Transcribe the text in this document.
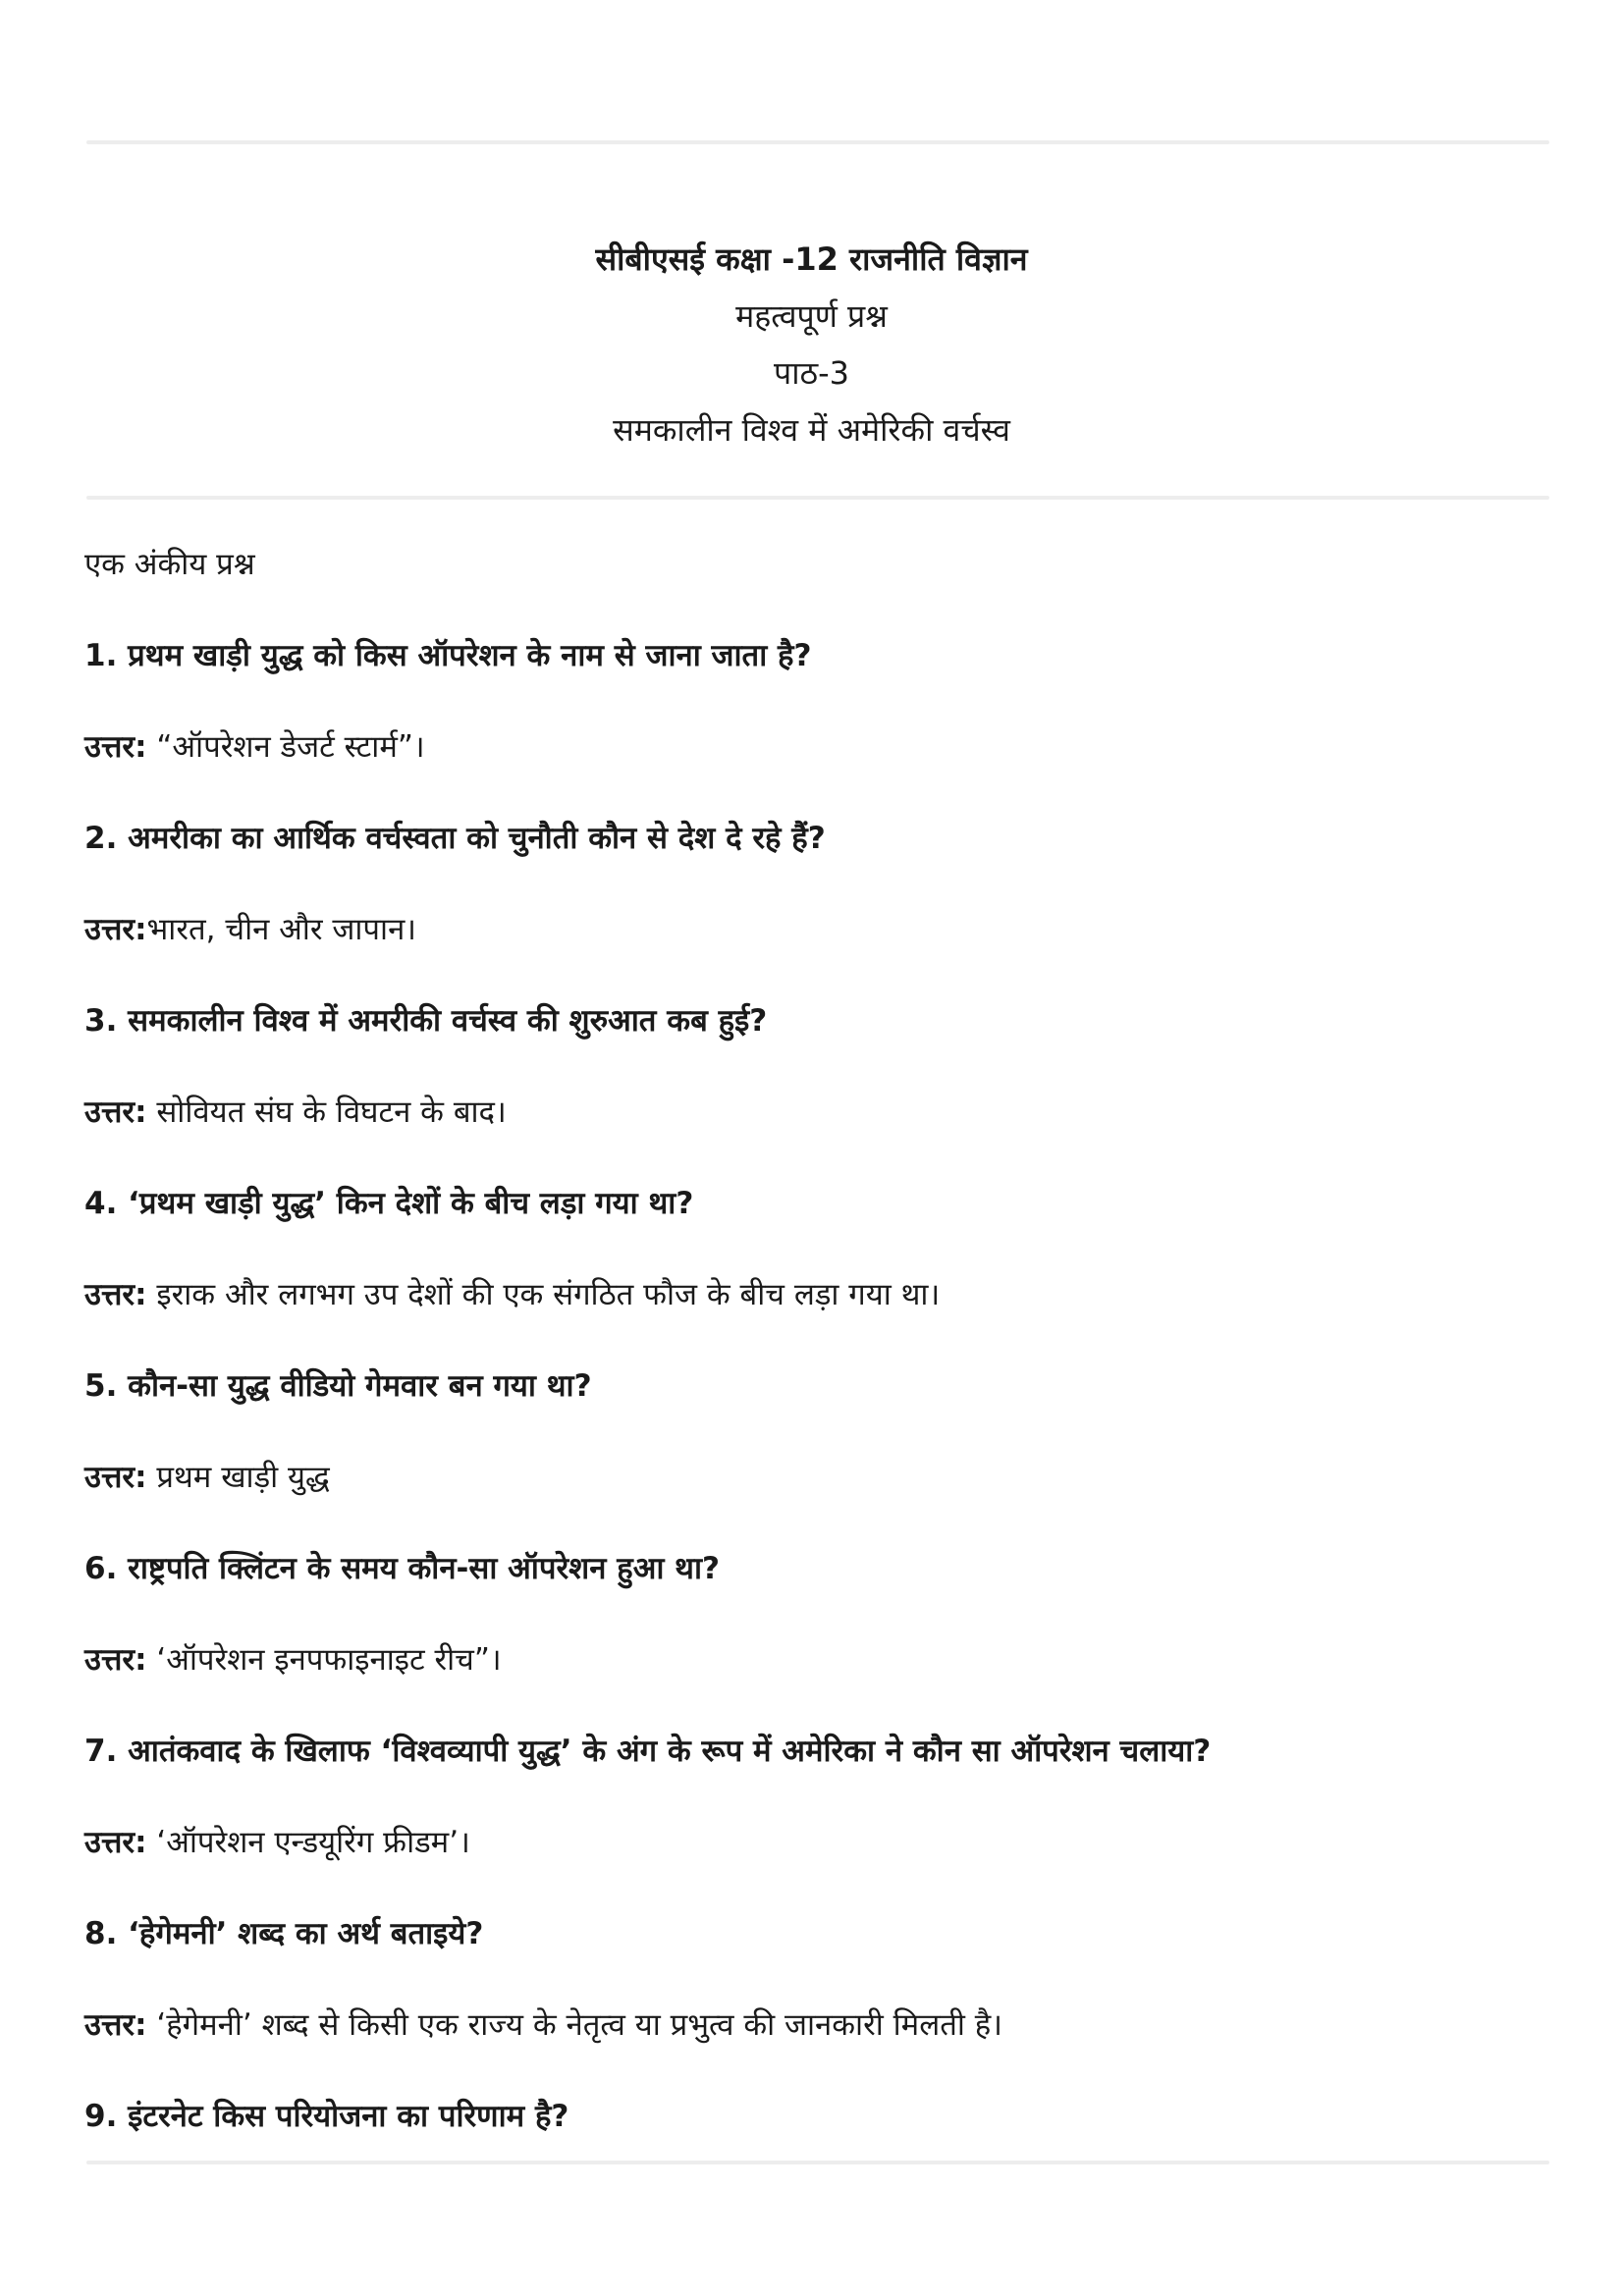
सीबीएसई कक्षा -12 राजनीति विज्ञान
महत्वपूर्ण प्रश्न
पाठ-3
समकालीन विश्व में अमेरिकी वर्चस्व
एक अंकीय प्रश्न
1. प्रथम खाड़ी युद्ध को किस ऑपरेशन के नाम से जाना जाता है?
उत्तर: “ऑपरेशन डेजर्ट स्टार्म”।
2. अमरीका का आर्थिक वर्चस्वता को चुनौती कौन से देश दे रहे हैं?
उत्तर:भारत, चीन और जापान।
3. समकालीन विश्व में अमरीकी वर्चस्व की शुरुआत कब हुई?
उत्तर: सोवियत संघ के विघटन के बाद।
4. ‘प्रथम खाड़ी युद्ध’ किन देशों के बीच लड़ा गया था?
उत्तर: इराक और लगभग उप देशों की एक संगठित फौज के बीच लड़ा गया था।
5. कौन-सा युद्ध वीडियो गेमवार बन गया था?
उत्तर: प्रथम खाड़ी युद्ध
6. राष्ट्रपति क्लिंटन के समय कौन-सा ऑपरेशन हुआ था?
उत्तर: ‘ऑपरेशन इनपफाइनाइट रीच”।
7. आतंकवाद के खिलाफ ‘विश्वव्यापी युद्ध’ के अंग के रूप में अमेरिका ने कौन सा ऑपरेशन चलाया?
उत्तर: ‘ऑपरेशन एन्डयूरिंग फ्रीडम’।
8. ‘हेगेमनी’ शब्द का अर्थ बताइये?
उत्तर: ‘हेगेमनी’ शब्द से किसी एक राज्य के नेतृत्व या प्रभुत्व की जानकारी मिलती है।
9. इंटरनेट किस परियोजना का परिणाम है?
